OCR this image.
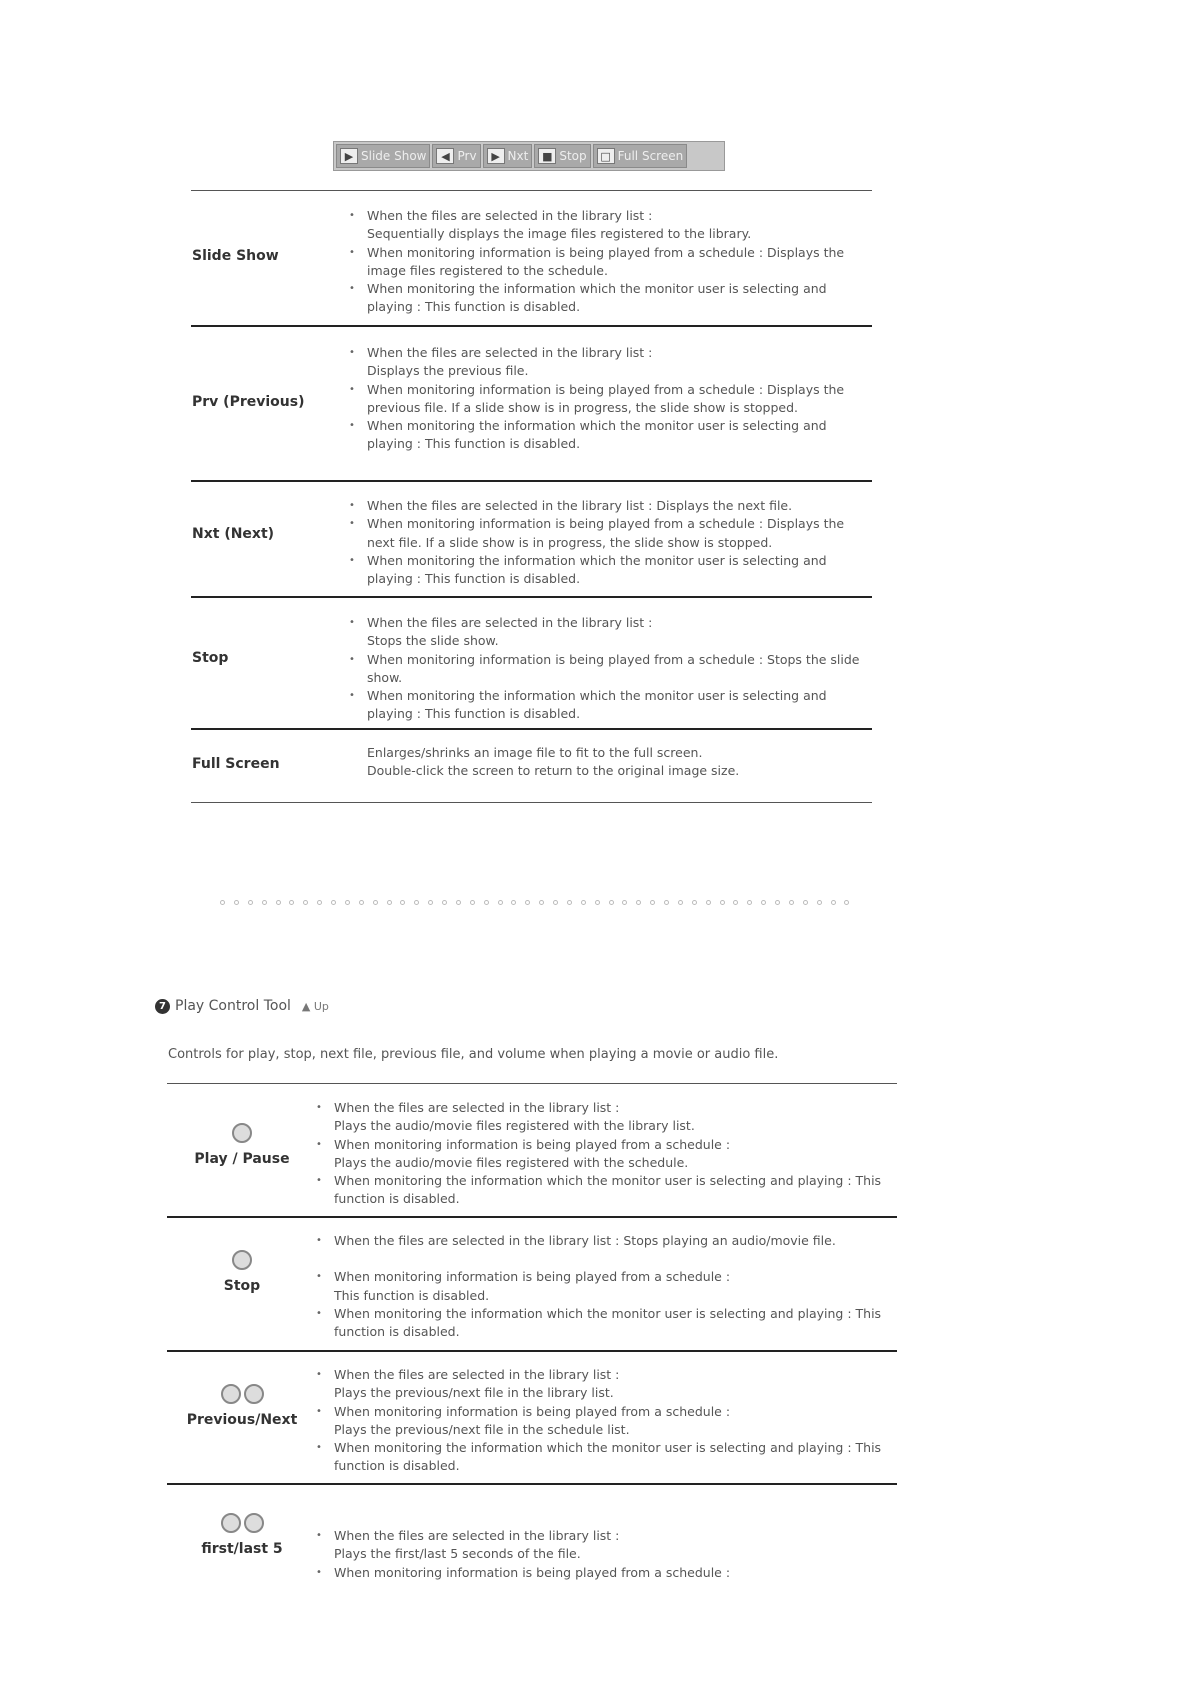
▶ Slide Show	◀ Prv	▶ Nxt	■ Stop	□ Full Screen
Slide Show
• When the files are selected in the library list :
Sequentially displays the image files registered to the library.
• When monitoring information is being played from a schedule : Displays the image files registered to the schedule.
• When monitoring the information which the monitor user is selecting and playing : This function is disabled.
Prv (Previous)
• When the files are selected in the library list :
Displays the previous file.
• When monitoring information is being played from a schedule : Displays the previous file. If a slide show is in progress, the slide show is stopped.
• When monitoring the information which the monitor user is selecting and playing : This function is disabled.
Nxt (Next)
• When the files are selected in the library list : Displays the next file.
• When monitoring information is being played from a schedule : Displays the next file. If a slide show is in progress, the slide show is stopped.
• When monitoring the information which the monitor user is selecting and playing : This function is disabled.
Stop
• When the files are selected in the library list :
Stops the slide show.
• When monitoring information is being played from a schedule : Stops the slide show.
• When monitoring the information which the monitor user is selecting and playing : This function is disabled.
Full Screen
Enlarges/shrinks an image file to fit to the full screen.
Double-click the screen to return to the original image size.
7 Play Control Tool ▲ Up
Controls for play, stop, next file, previous file, and volume when playing a movie or audio file.
Play / Pause
• When the files are selected in the library list :
Plays the audio/movie files registered with the library list.
• When monitoring information is being played from a schedule :
Plays the audio/movie files registered with the schedule.
• When monitoring the information which the monitor user is selecting and playing : This function is disabled.
Stop
• When the files are selected in the library list : Stops playing an audio/movie file.
• When monitoring information is being played from a schedule :
This function is disabled.
• When monitoring the information which the monitor user is selecting and playing : This function is disabled.
Previous/Next
• When the files are selected in the library list :
Plays the previous/next file in the library list.
• When monitoring information is being played from a schedule :
Plays the previous/next file in the schedule list.
• When monitoring the information which the monitor user is selecting and playing : This function is disabled.
first/last 5
• When the files are selected in the library list :
Plays the first/last 5 seconds of the file.
• When monitoring information is being played from a schedule :
